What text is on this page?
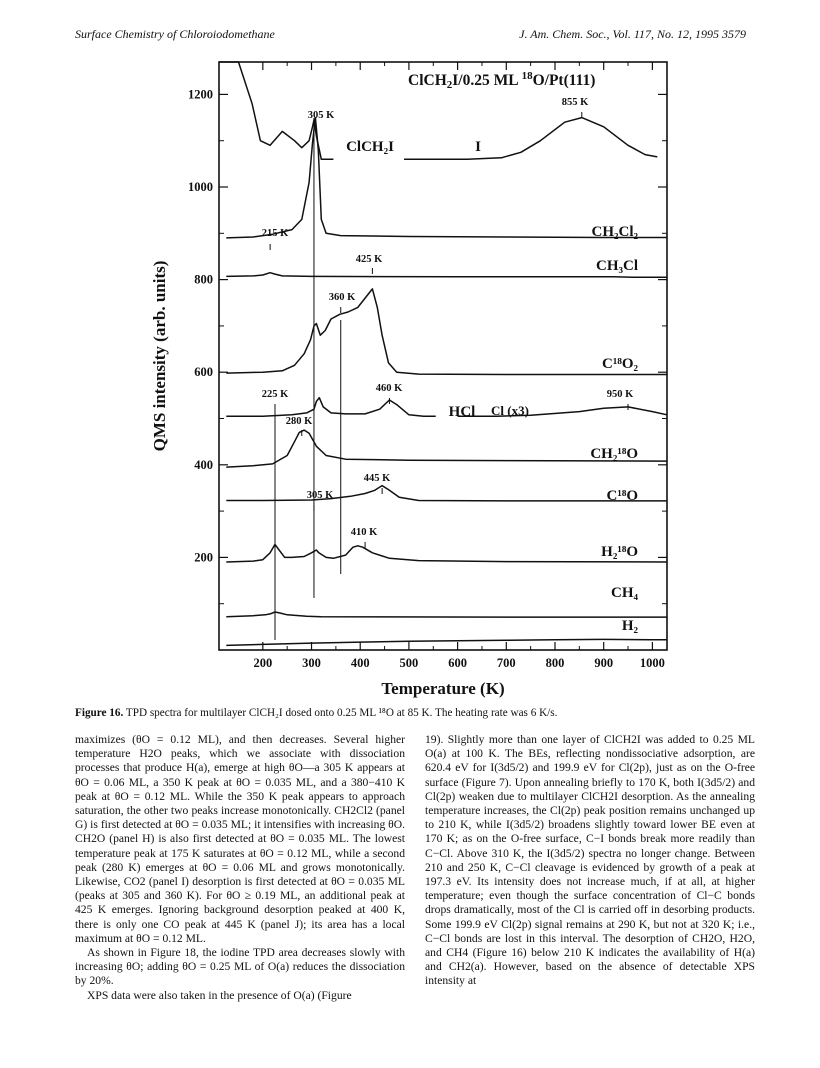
Surface Chemistry of Chloroiodomethane	J. Am. Chem. Soc., Vol. 117, No. 12, 1995 3579
200 300 400 500 600 700 800 900 1000
200
400
600
800
1000
1200
ClCH₂I	I
CH₂Cl₂
CH₃Cl
C¹⁸O₂
HCl Cl (x3)
CH₂¹⁸O
C¹⁸O
H₂¹⁸O
CH₄
H₂
305 K
855 K
215 K
425 K
360 K
225 K
460 K
950 K
280 K
445 K
305 K
410 K
ClCH2I/0.25 ML $^{18}$O/Pt(111)
Temperature (K)
QMS intensity (arb. units)
Figure 16. TPD spectra for multilayer ClCH₂I dosed onto 0.25 ML ¹⁸O at 85 K. The heating rate was 6 K/s.

maximizes (θO = 0.12 ML), and then decreases. Several higher temperature H2O peaks, which we associate with dissociation processes that produce H(a), emerge at high θO—a 305 K appears at θO = 0.06 ML, a 350 K peak at θO = 0.035 ML, and a 380−410 K peak at θO = 0.12 ML. While the 350 K peak appears to approach saturation, the other two peaks increase monotonically. CH2Cl2 (panel G) is first detected at θO = 0.035 ML; it intensifies with increasing θO. CH2O (panel H) is also first detected at θO = 0.035 ML. The lowest temperature peak at 175 K saturates at θO = 0.12 ML, while a second peak (280 K) emerges at θO = 0.06 ML and grows monotonically. Likewise, CO2 (panel I) desorption is first detected at θO = 0.035 ML (peaks at 305 and 360 K). For θO ≥ 0.19 ML, an additional peak at 425 K emerges. Ignoring background desorption peaked at 400 K, there is only one CO peak at 445 K (panel J); its area has a local maximum at θO = 0.12 ML.

As shown in Figure 18, the iodine TPD area decreases slowly with increasing θO; adding θO = 0.25 ML of O(a) reduces the dissociation by 20%.

XPS data were also taken in the presence of O(a) (Figure

19). Slightly more than one layer of ClCH2I was added to 0.25 ML O(a) at 100 K. The BEs, reflecting nondissociative adsorption, are 620.4 eV for I(3d5/2) and 199.9 eV for Cl(2p), just as on the O-free surface (Figure 7). Upon annealing briefly to 170 K, both I(3d5/2) and Cl(2p) weaken due to multilayer ClCH2I desorption. As the annealing temperature increases, the Cl(2p) peak position remains unchanged up to 210 K, while I(3d5/2) broadens slightly toward lower BE even at 170 K; as on the O-free surface, C−I bonds break more readily than C−Cl. Above 310 K, the I(3d5/2) spectra no longer change. Between 210 and 250 K, C−Cl cleavage is evidenced by growth of a peak at 197.3 eV. Its intensity does not increase much, if at all, at higher temperature; even though the surface concentration of Cl−C bonds drops dramatically, most of the Cl is carried off in desorbing products. Some 199.9 eV Cl(2p) signal remains at 290 K, but not at 320 K; i.e., C−Cl bonds are lost in this interval. The desorption of CH2O, H2O, and CH4 (Figure 16) below 210 K indicates the availability of H(a) and CH2(a). However, based on the absence of detectable XPS intensity at
